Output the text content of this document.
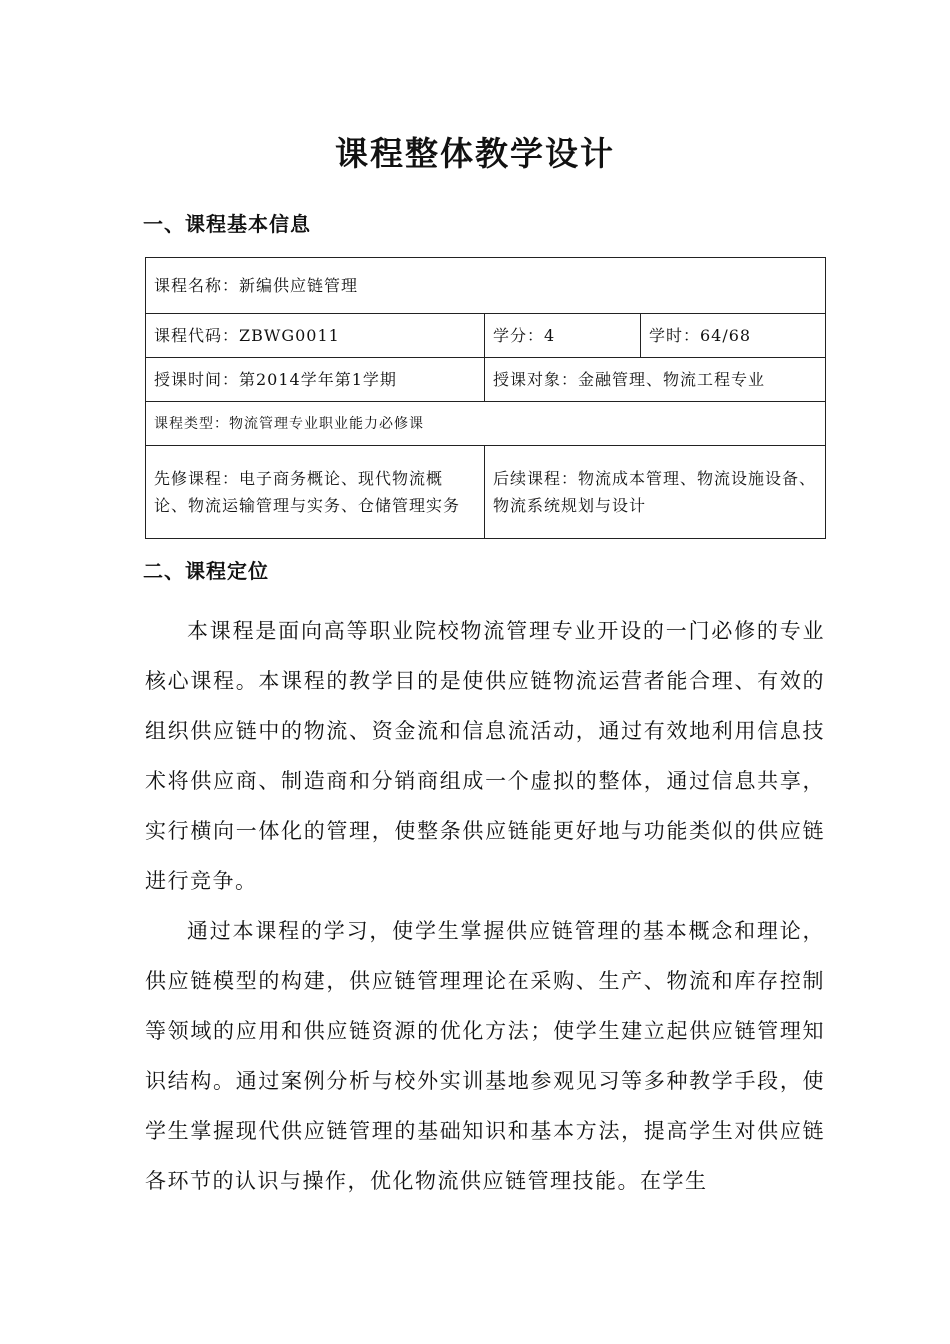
课程整体教学设计
一、课程基本信息
课程名称：新编供应链管理		
课程代码：ZBWG0011	学分：4	学时：64/68
授课时间：第2014学年第1学期	授课对象：金融管理、物流工程专业	
课程类型：物流管理专业职业能力必修课		
先修课程：电子商务概论、现代物流概论、物流运输管理与实务、仓储管理实务	后续课程：物流成本管理、物流设施设备、物流系统规划与设计	
二、课程定位

本课程是面向高等职业院校物流管理专业开设的一门必修的专业核心课程。本课程的教学目的是使供应链物流运营者能合理、有效的组织供应链中的物流、资金流和信息流活动，通过有效地利用信息技术将供应商、制造商和分销商组成一个虚拟的整体，通过信息共享，实行横向一体化的管理，使整条供应链能更好地与功能类似的供应链进行竞争。

通过本课程的学习，使学生掌握供应链管理的基本概念和理论，供应链模型的构建，供应链管理理论在采购、生产、物流和库存控制等领域的应用和供应链资源的优化方法；使学生建立起供应链管理知识结构。通过案例分析与校外实训基地参观见习等多种教学手段，使学生掌握现代供应链管理的基础知识和基本方法，提高学生对供应链各环节的认识与操作，优化物流供应链管理技能。在学生
